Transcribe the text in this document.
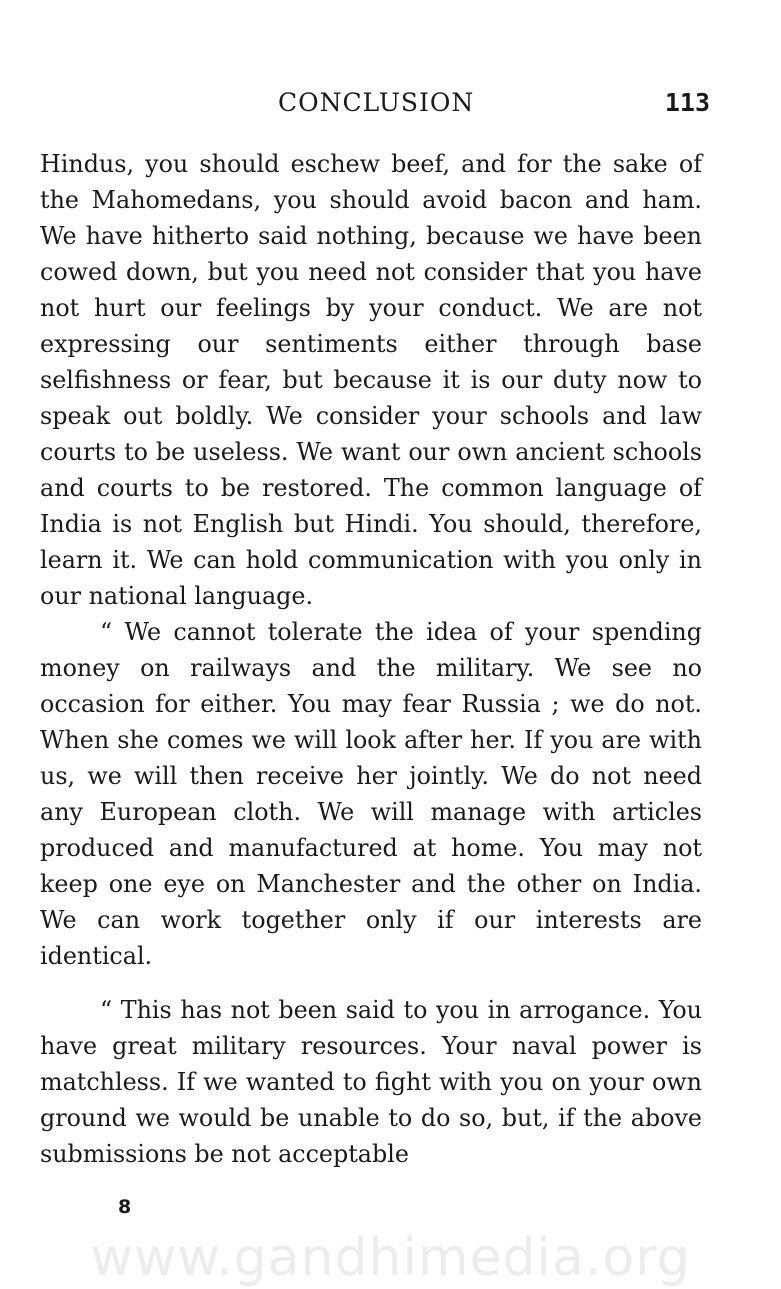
CONCLUSION	113

Hindus, you should eschew beef, and for the sake of the Mahomedans, you should avoid bacon and ham. We have hitherto said nothing, because we have been cowed down, but you need not consider that you have not hurt our feelings by your conduct. We are not expressing our sentiments either through base selfishness or fear, but because it is our duty now to speak out boldly. We consider your schools and law courts to be useless. We want our own ancient schools and courts to be restored. The common language of India is not English but Hindi. You should, therefore, learn it. We can hold communication with you only in our national language.

“ We cannot tolerate the idea of your spending money on railways and the military. We see no occasion for either. You may fear Russia ; we do not. When she comes we will look after her. If you are with us, we will then receive her jointly. We do not need any European cloth. We will manage with articles produced and manufactured at home. You may not keep one eye on Manchester and the other on India. We can work together only if our interests are identical.

“ This has not been said to you in arrogance. You have great military resources. Your naval power is matchless. If we wanted to fight with you on your own ground we would be unable to do so, but, if the above submissions be not acceptable

8
www.gandhimedia.org
